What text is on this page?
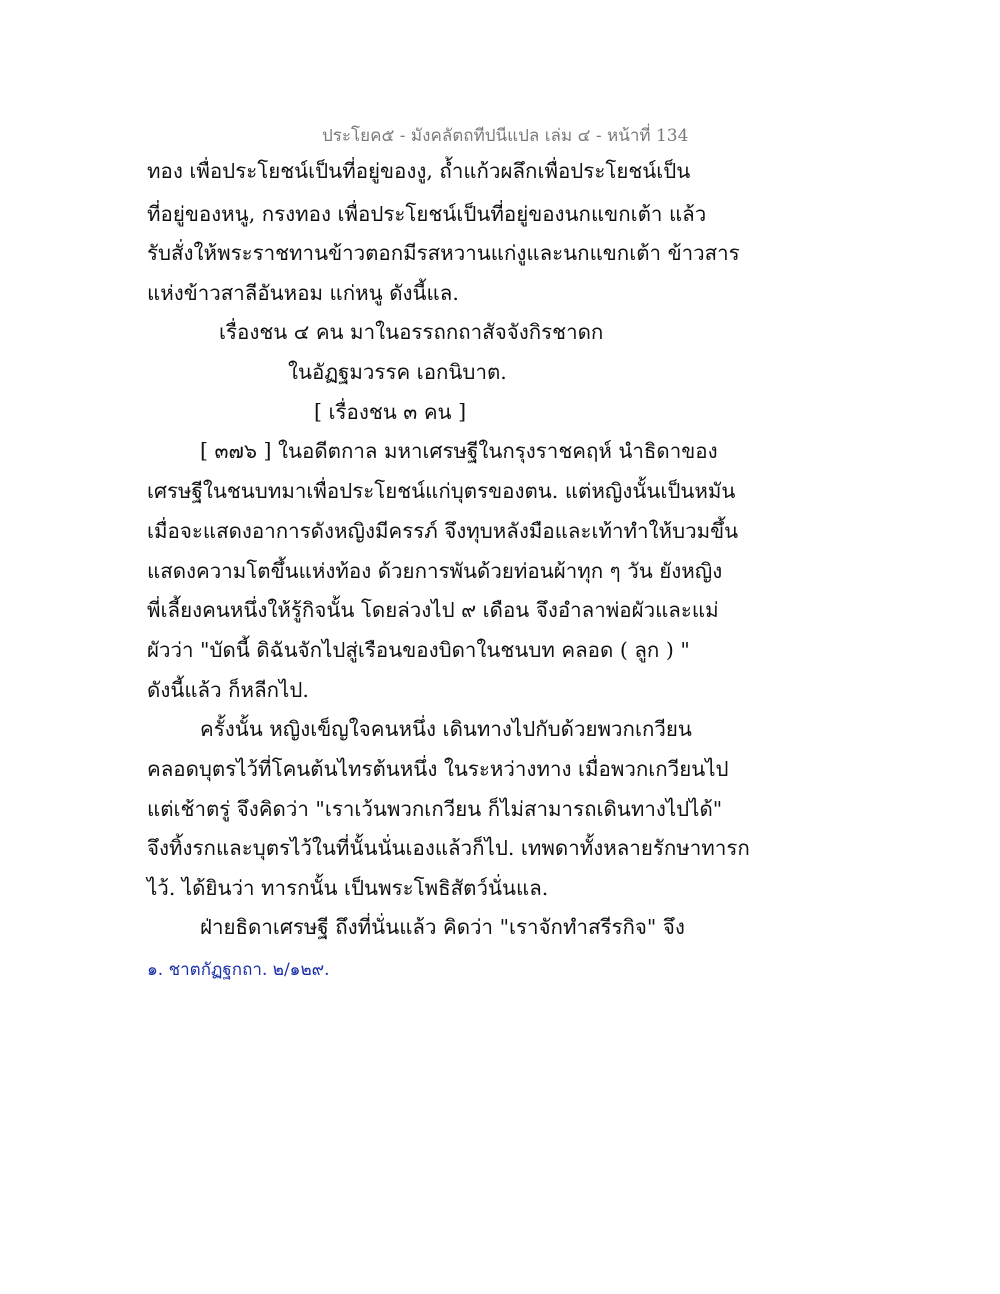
ประโยค๕ - มังคลัตถทีปนีแปล เล่ม ๔ - หน้าที่ 134
ทอง เพื่อประโยชน์เป็นที่อยู่ของงู, ถ้ำแก้วผลึกเพื่อประโยชน์เป็น
ที่อยู่ของหนู, กรงทอง เพื่อประโยชน์เป็นที่อยู่ของนกแขกเต้า แล้ว
รับสั่งให้พระราชทานข้าวตอกมีรสหวานแก่งูและนกแขกเต้า ข้าวสาร
แห่งข้าวสาลีอันหอม แก่หนู ดังนี้แล.
เรื่องชน ๔ คน มาในอรรถกถาสัจจังกิรชาดก
ในอัฏฐมวรรค เอกนิบาต.
[ เรื่องชน ๓ คน ]
[ ๓๗๖ ] ในอดีตกาล มหาเศรษฐีในกรุงราชคฤห์ นำธิดาของ
เศรษฐีในชนบทมาเพื่อประโยชน์แก่บุตรของตน. แต่หญิงนั้นเป็นหมัน
เมื่อจะแสดงอาการดังหญิงมีครรภ์ จึงทุบหลังมือและเท้าทำให้บวมขึ้น
แสดงความโตขึ้นแห่งท้อง ด้วยการพันด้วยท่อนผ้าทุก ๆ วัน ยังหญิง
พี่เลี้ยงคนหนึ่งให้รู้กิจนั้น โดยล่วงไป ๙ เดือน จึงอำลาพ่อผัวและแม่
ผัวว่า "บัดนี้ ดิฉันจักไปสู่เรือนของบิดาในชนบท คลอด ( ลูก ) "
ดังนี้แล้ว ก็หลีกไป.
ครั้งนั้น หญิงเข็ญใจคนหนึ่ง เดินทางไปกับด้วยพวกเกวียน
คลอดบุตรไว้ที่โคนต้นไทรต้นหนึ่ง ในระหว่างทาง เมื่อพวกเกวียนไป
แต่เช้าตรู่ จึงคิดว่า "เราเว้นพวกเกวียน ก็ไม่สามารถเดินทางไปได้"
จึงทิ้งรกและบุตรไว้ในที่นั้นนั่นเองแล้วก็ไป. เทพดาทั้งหลายรักษาทารก
ไว้. ได้ยินว่า ทารกนั้น เป็นพระโพธิสัตว์นั่นแล.
ฝ่ายธิดาเศรษฐี ถึงที่นั่นแล้ว คิดว่า "เราจักทำสรีรกิจ" จึง
๑. ชาตกัฏฐกถา. ๒/๑๒๙.
